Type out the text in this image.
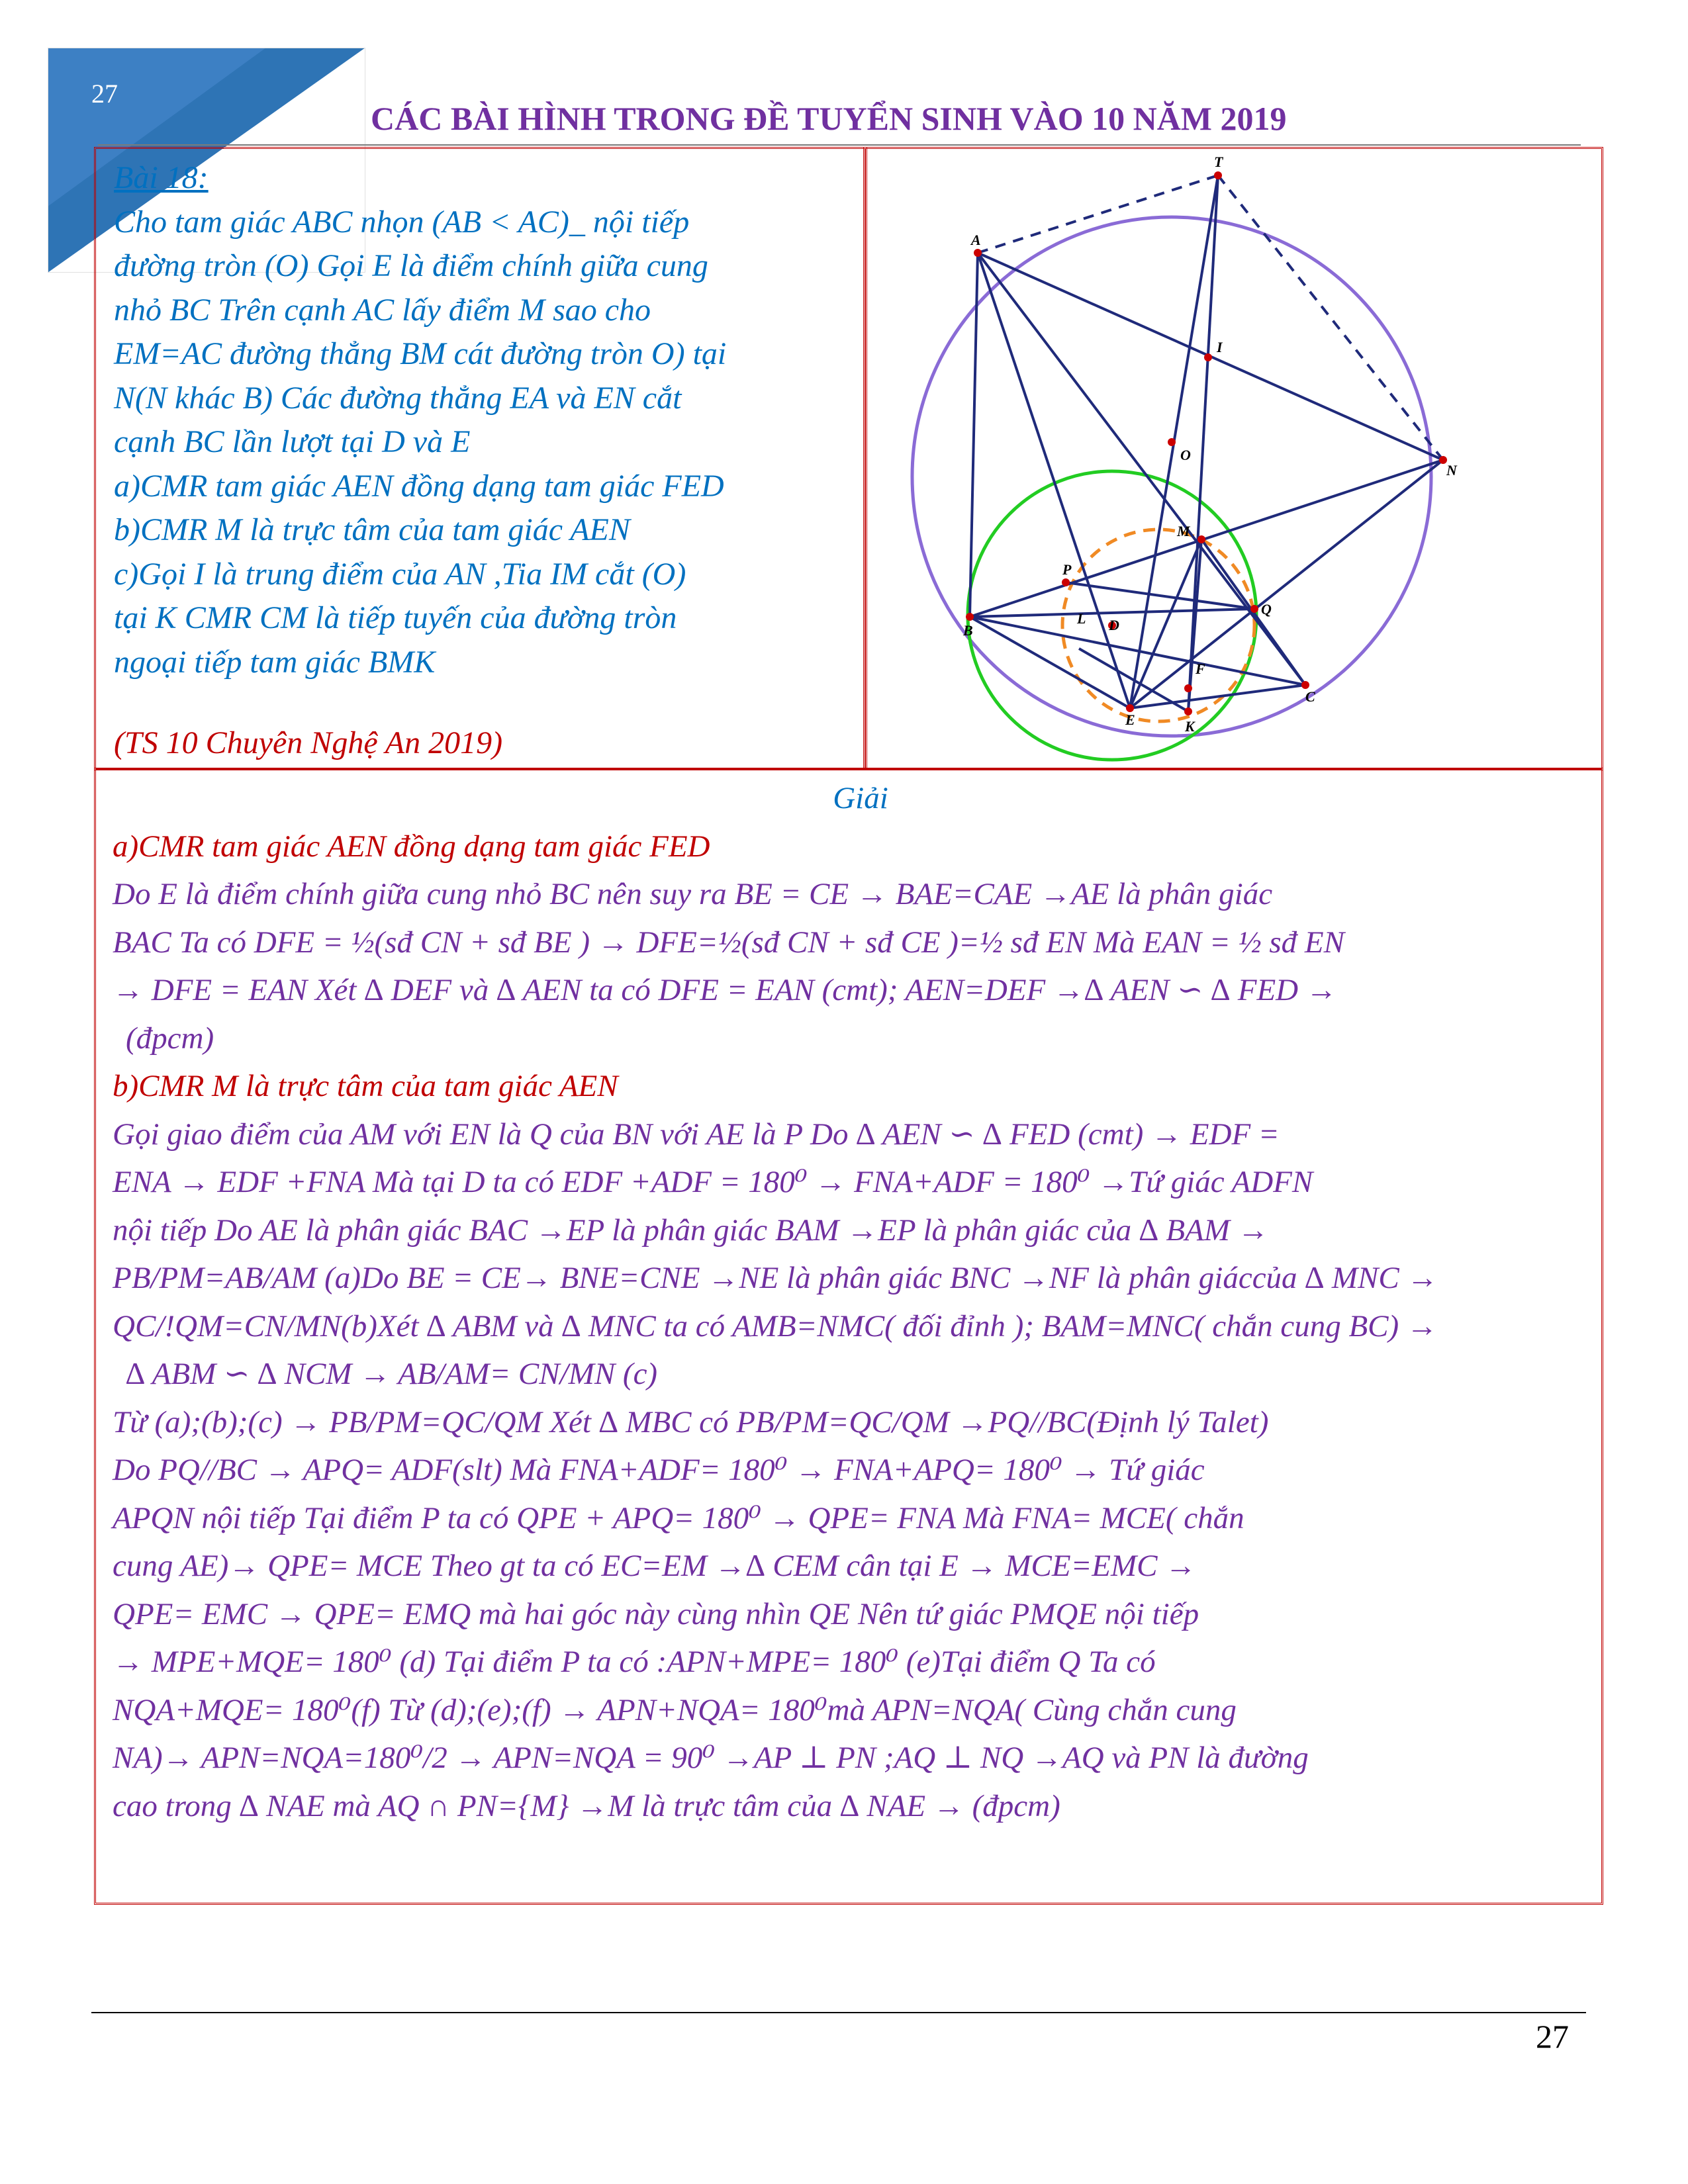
27
CÁC BÀI HÌNH TRONG ĐỀ TUYỂN SINH VÀO 10 NĂM 2019
Bài 18:
Cho tam giác ABC nhọn (AB < AC)_ nội tiếp
đường tròn (O) Gọi E là điểm chính giữa cung
nhỏ BC Trên cạnh AC lấy điểm M sao cho
EM=AC đường thẳng BM cát đường tròn O) tại
N(N khác B) Các đường thẳng EA và EN cắt
cạnh BC lần lượt tại D và E
a)CMR tam giác AEN đồng dạng tam giác FED
b)CMR M là trực tâm của tam giác AEN
c)Gọi I là trung điểm của AN ,Tia IM cắt (O)
tại K CMR CM là tiếp tuyến của đường tròn
ngoại tiếp tam giác BMK
(TS 10 Chuyên Nghệ An 2019)
T
A
I
O
N
M
P
Q
L D
B
F
C
E	K
Giải
a)CMR tam giác AEN đồng dạng tam giác FED
Do E là điểm chính giữa cung nhỏ BC nên suy ra BE = CE → BAE=CAE →AE là phân giác
BAC Ta có DFE = ½(sđ CN + sđ BE ) → DFE=½(sđ CN + sđ CE )=½ sđ EN Mà EAN = ½ sđ EN
→ DFE = EAN Xét ∆ DEF và ∆ AEN ta có DFE = EAN (cmt); AEN=DEF →∆ AEN ∽ ∆ FED →
(đpcm)
b)CMR M là trực tâm của tam giác AEN
Gọi giao điểm của AM với EN là Q của BN với AE là P Do ∆ AEN ∽ ∆ FED (cmt) → EDF =
ENA → EDF +FNA Mà tại D ta có EDF +ADF = 180⁰ → FNA+ADF = 180⁰ →Tứ giác ADFN
nội tiếp Do AE là phân giác BAC →EP là phân giác BAM →EP là phân giác của ∆ BAM →
PB/PM=AB/AM (a)Do BE = CE→ BNE=CNE →NE là phân giác BNC →NF là phân giáccủa ∆ MNC →
QC/!QM=CN/MN(b)Xét ∆ ABM và ∆ MNC ta có AMB=NMC( đối đỉnh ); BAM=MNC( chắn cung BC) →
∆ ABM ∽ ∆ NCM → AB/AM= CN/MN (c)
Từ (a);(b);(c) → PB/PM=QC/QM Xét ∆ MBC có PB/PM=QC/QM →PQ//BC(Định lý Talet)
Do PQ//BC → APQ= ADF(slt) Mà FNA+ADF= 180⁰ → FNA+APQ= 180⁰ → Tứ giác
APQN nội tiếp Tại điểm P ta có QPE + APQ= 180⁰ → QPE= FNA Mà FNA= MCE( chắn
cung AE)→ QPE= MCE Theo gt ta có EC=EM →∆ CEM cân tại E → MCE=EMC →
QPE= EMC → QPE= EMQ mà hai góc này cùng nhìn QE Nên tứ giác PMQE nội tiếp
→ MPE+MQE= 180⁰ (d) Tại điểm P ta có :APN+MPE= 180⁰ (e)Tại điểm Q Ta có
NQA+MQE= 180⁰(f) Từ (d);(e);(f) → APN+NQA= 180⁰mà APN=NQA( Cùng chắn cung
NA)→ APN=NQA=180⁰/2 → APN=NQA = 90⁰ →AP ⊥ PN ;AQ ⊥ NQ →AQ và PN là đường
cao trong ∆ NAE mà AQ ∩ PN={M} →M là trực tâm của ∆ NAE → (đpcm)
27
